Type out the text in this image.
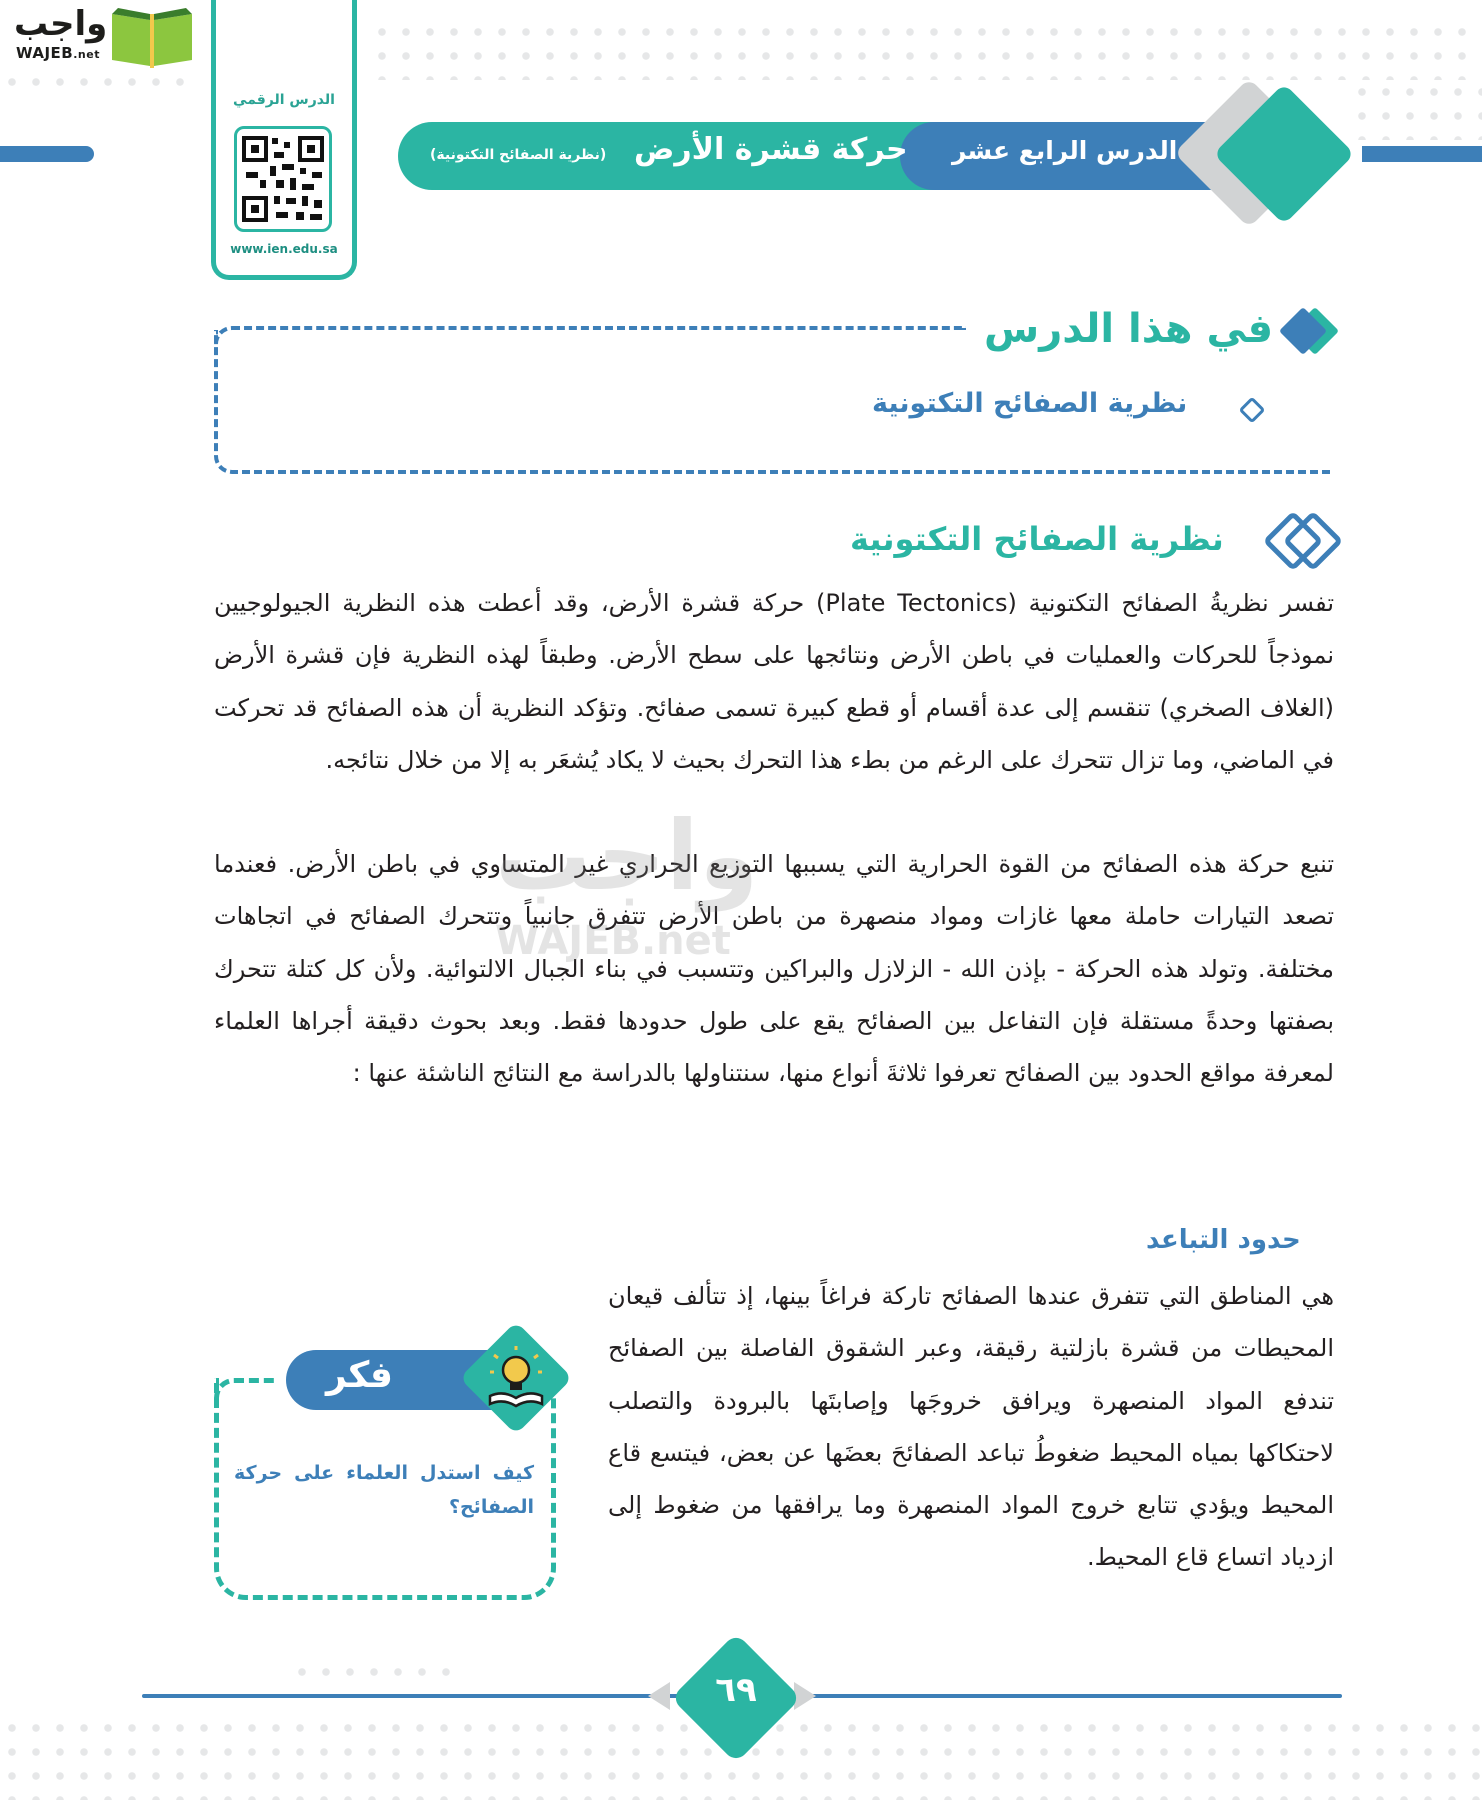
واجب
WAJEB.net
الدرس الرقمي
www.ien.edu.sa
حركة قشرة الأرض
(نظرية الصفائح التكتونية)	الدرس الرابع عشر
في هذا الدرس
نظرية الصفائح التكتونية
نظرية الصفائح التكتونية
تفسر نظريةُ الصفائح التكتونية (Plate Tectonics) حركة قشرة الأرض، وقد أعطت هذه النظرية الجيولوجيين نموذجاً للحركات والعمليات في باطن الأرض ونتائجها على سطح الأرض. وطبقاً لهذه النظرية فإن قشرة الأرض (الغلاف الصخري) تنقسم إلى عدة أقسام أو قطع كبيرة تسمى صفائح. وتؤكد النظرية أن هذه الصفائح قد تحركت في الماضي، وما تزال تتحرك على الرغم من بطء هذا التحرك بحيث لا يكاد يُشعَر به إلا من خلال نتائجه.
تنبع حركة هذه الصفائح من القوة الحرارية التي يسببها التوزيع الحراري غير المتساوي في باطن الأرض. فعندما تصعد التيارات حاملة معها غازات ومواد منصهرة من باطن الأرض تتفرق جانبياً وتتحرك الصفائح في اتجاهات مختلفة. وتولد هذه الحركة - بإذن الله - الزلازل والبراكين وتتسبب في بناء الجبال الالتوائية. ولأن كل كتلة تتحرك بصفتها وحدةً مستقلة فإن التفاعل بين الصفائح يقع على طول حدودها فقط. وبعد بحوث دقيقة أجراها العلماء لمعرفة مواقع الحدود بين الصفائح تعرفوا ثلاثةَ أنواع منها، سنتناولها بالدراسة مع النتائج الناشئة عنها :
حدود التباعد
هي المناطق التي تتفرق عندها الصفائح تاركة فراغاً بينها، إذ تتألف قيعان المحيطات من قشرة بازلتية رقيقة، وعبر الشقوق الفاصلة بين الصفائح تندفع المواد المنصهرة ويرافق خروجَها وإصابتَها بالبرودة والتصلب لاحتكاكها بمياه المحيط ضغوطُ تباعد الصفائحَ بعضَها عن بعض، فيتسع قاع المحيط ويؤدي تتابع خروج المواد المنصهرة وما يرافقها من ضغوط إلى ازدياد اتساع قاع المحيط.
فكر
كيف استدل العلماء على حركة الصفائح؟
واجب
WAJEB.net
٦٩
